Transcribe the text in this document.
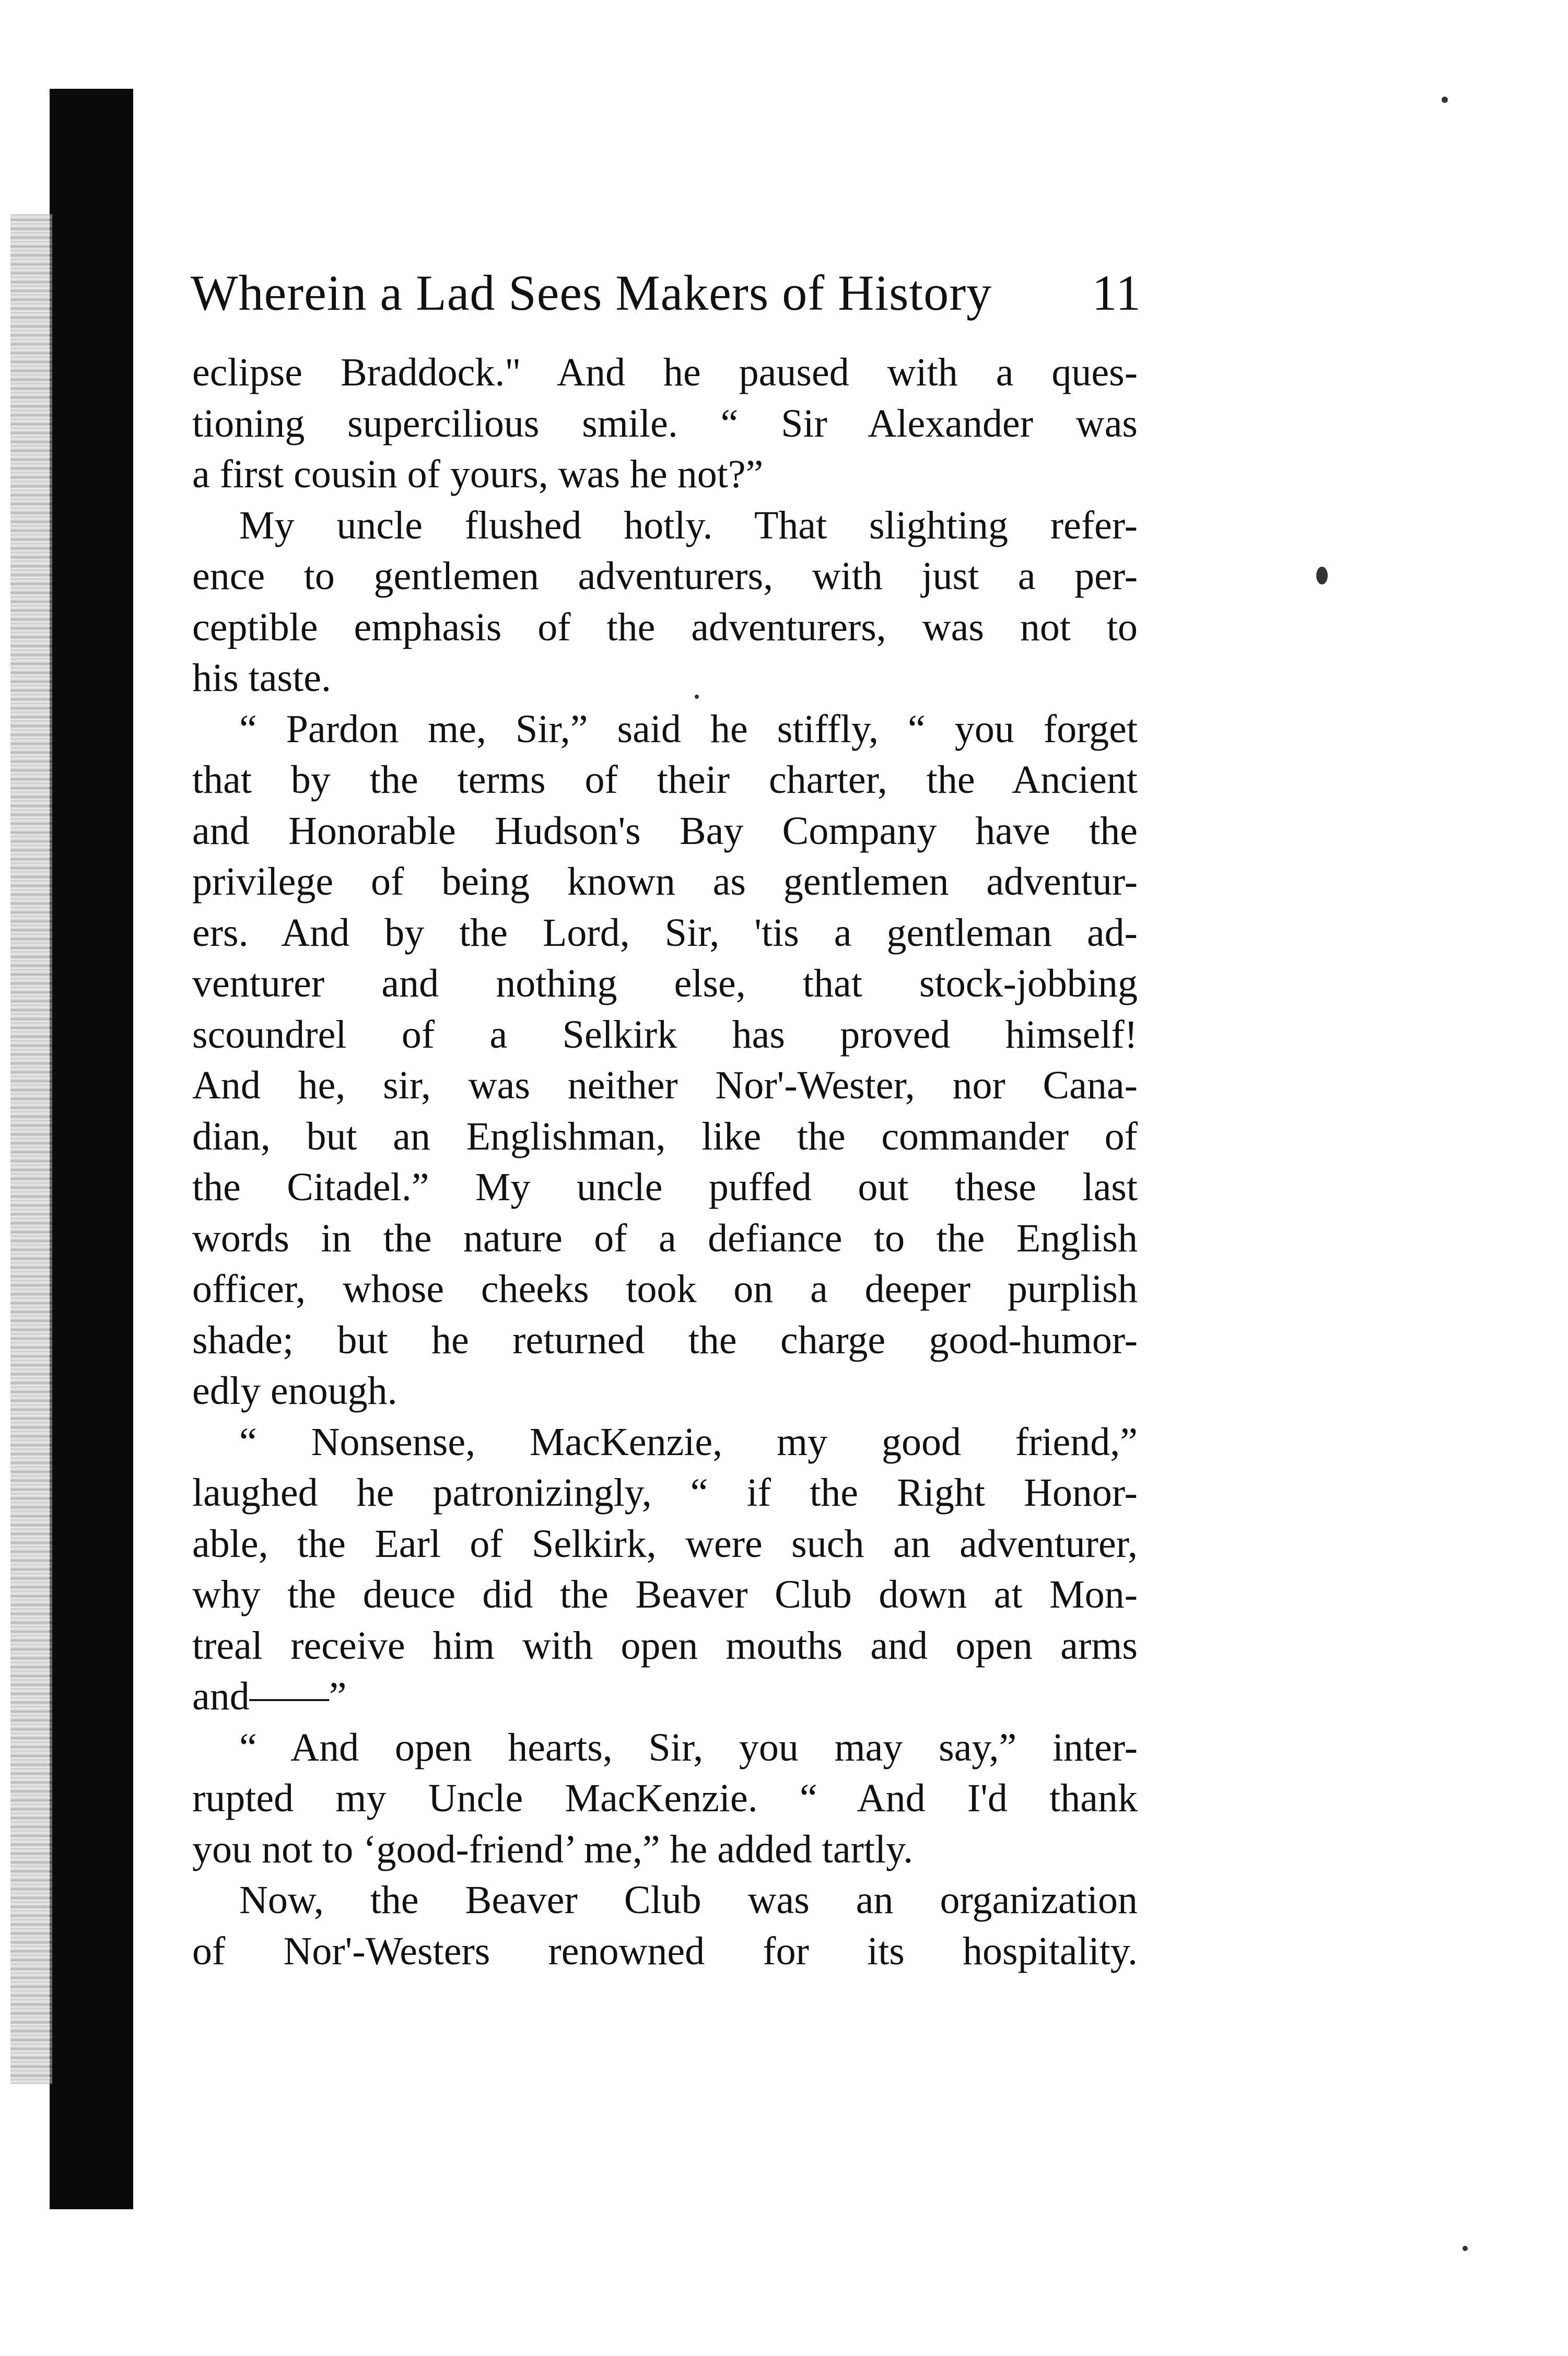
Wherein a Lad Sees Makers of History 11
eclipse Braddock." And he paused with a ques-
tioning supercilious smile. “ Sir Alexander was
a first cousin of yours, was he not?”
My uncle flushed hotly. That slighting refer-
ence to gentlemen adventurers, with just a per-
ceptible emphasis of the adventurers, was not to
his taste.
“ Pardon me, Sir,” said he stiffly, “ you forget
that by the terms of their charter, the Ancient
and Honorable Hudson's Bay Company have the
privilege of being known as gentlemen adventur-
ers. And by the Lord, Sir, 'tis a gentleman ad-
venturer and nothing else, that stock-jobbing
scoundrel of a Selkirk has proved himself!
And he, sir, was neither Nor'-Wester, nor Cana-
dian, but an Englishman, like the commander of
the Citadel.” My uncle puffed out these last
words in the nature of a defiance to the English
officer, whose cheeks took on a deeper purplish
shade; but he returned the charge good-humor-
edly enough.
“ Nonsense, MacKenzie, my good friend,”
laughed he patronizingly, “ if the Right Honor-
able, the Earl of Selkirk, were such an adventurer,
why the deuce did the Beaver Club down at Mon-
treal receive him with open mouths and open arms
and——”
“ And open hearts, Sir, you may say,” inter-
rupted my Uncle MacKenzie. “ And I'd thank
you not to ‘good-friend’ me,” he added tartly.
Now, the Beaver Club was an organization
of Nor'-Westers renowned for its hospitality.
